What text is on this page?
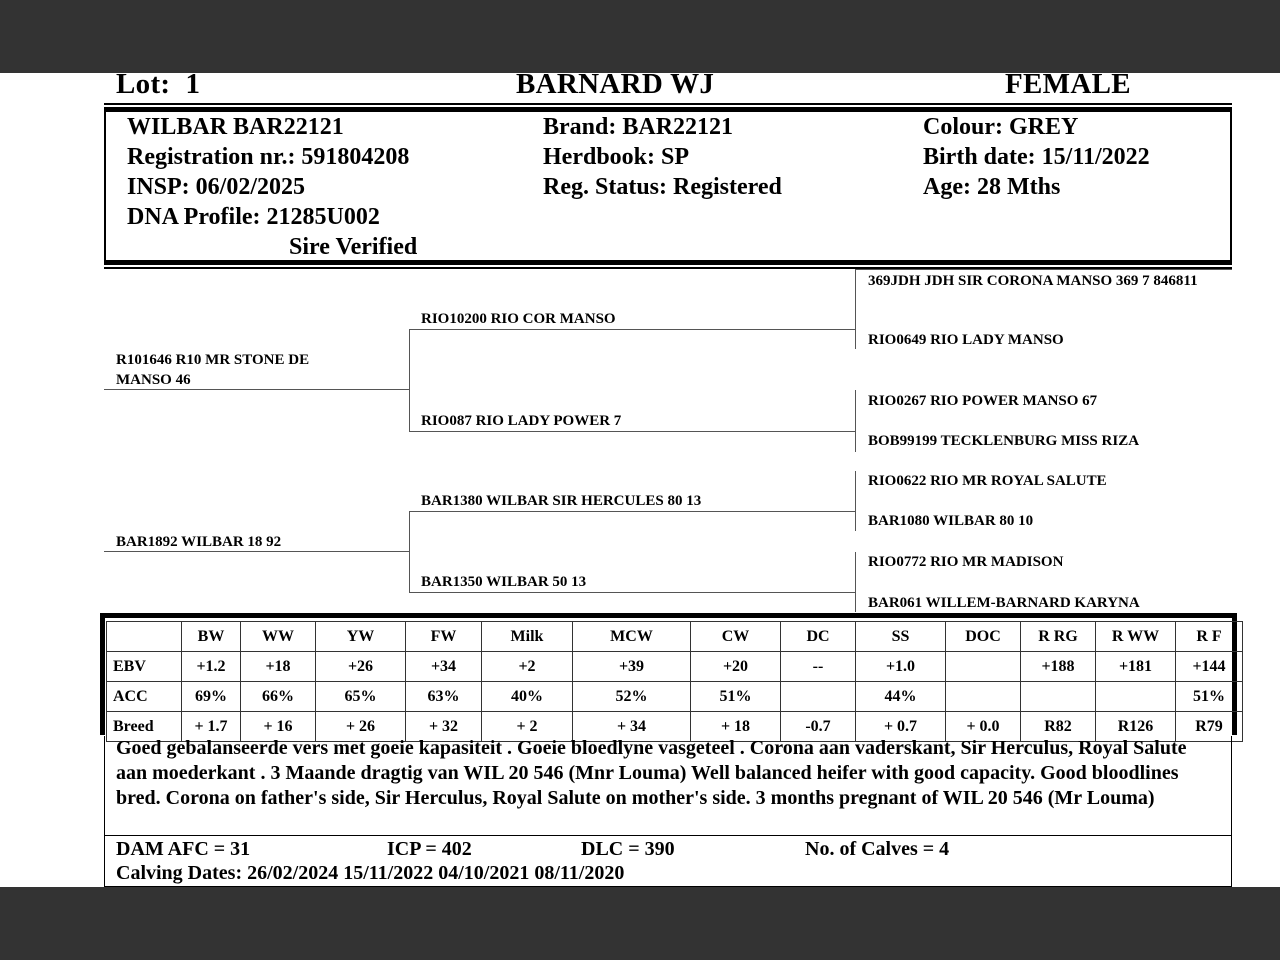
Lot: 1	BARNARD WJ	FEMALE
WILBAR BAR22121
Registration nr.: 591804208
INSP: 06/02/2025
DNA Profile: 21285U002
Sire Verified
Brand: BAR22121
Herdbook: SP
Reg. Status: Registered
Colour: GREY
Birth date: 15/11/2022
Age: 28 Mths
369JDH JDH SIR CORONA MANSO 369 7 846811
RIO0649 RIO LADY MANSO
RIO10200 RIO COR MANSO
R101646 R10 MR STONE DE MANSO 46
RIO0267 RIO POWER MANSO 67
RIO087 RIO LADY POWER 7
BOB99199 TECKLENBURG MISS RIZA
RIO0622 RIO MR ROYAL SALUTE
BAR1380 WILBAR SIR HERCULES 80 13
BAR1080 WILBAR 80 10
BAR1892 WILBAR 18 92
RIO0772 RIO MR MADISON
BAR1350 WILBAR 50 13
BAR061 WILLEM-BARNARD KARYNA
	BW	WW	YW	FW	Milk	MCW	CW	DC	SS	DOC	R RG	R WW	R F
EBV	+1.2	+18	+26	+34	+2	+39	+20	--	+1.0		+188	+181	+144
ACC	69%	66%	65%	63%	40%	52%	51%		44%				51%
Breed	+ 1.7	+ 16	+ 26	+ 32	+ 2	+ 34	+ 18	-0.7	+ 0.7	+ 0.0	R82	R126	R79
Goed gebalanseerde vers met goeie kapasiteit . Goeie bloedlyne vasgeteel . Corona aan vaderskant, Sir Herculus, Royal Salute aan moederkant . 3 Maande dragtig van WIL 20 546 (Mnr Louma) Well balanced heifer with good capacity. Good bloodlines bred. Corona on father's side, Sir Herculus, Royal Salute on mother's side. 3 months pregnant of WIL 20 546 (Mr Louma)
DAM AFC = 31	ICP = 402	DLC = 390	No. of Calves = 4
Calving Dates: 26/02/2024 15/11/2022 04/10/2021 08/11/2020
